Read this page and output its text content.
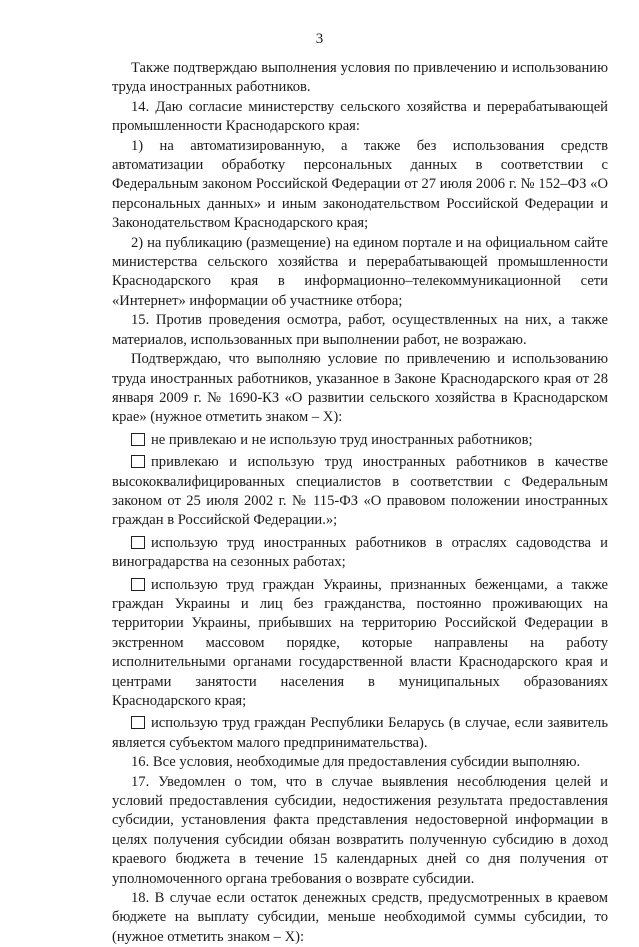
3

Также подтверждаю выполнения условия по привлечению и использованию труда иностранных работников.

14. Даю согласие министерству сельского хозяйства и перерабатывающей промышленности Краснодарского края:

1) на автоматизированную, а также без использования средств автоматизации обработку персональных данных в соответствии с Федеральным законом Российской Федерации от 27 июля 2006 г. № 152–ФЗ «О персональных данных» и иным законодательством Российской Федерации и Законодательством Краснодарского края;

2) на публикацию (размещение) на едином портале и на официальном сайте министерства сельского хозяйства и перерабатывающей промышленности Краснодарского края в информационно–телекоммуникационной сети «Интернет» информации об участнике отбора;

15. Против проведения осмотра, работ, осуществленных на них, а также материалов, использованных при выполнении работ, не возражаю.

Подтверждаю, что выполняю условие по привлечению и использованию труда иностранных работников, указанное в Законе Краснодарского края от 28 января 2009 г. № 1690-КЗ «О развитии сельского хозяйства в Краснодарском крае» (нужное отметить знаком – Х):

не привлекаю и не использую труд иностранных работников;

привлекаю и использую труд иностранных работников в качестве высококвалифицированных специалистов в соответствии с Федеральным законом от 25 июля 2002 г. № 115-ФЗ «О правовом положении иностранных граждан в Российской Федерации.»;

использую труд иностранных работников в отраслях садоводства и виноградарства на сезонных работах;

использую труд граждан Украины, признанных беженцами, а также граждан Украины и лиц без гражданства, постоянно проживающих на территории Украины, прибывших на территорию Российской Федерации в экстренном массовом порядке, которые направлены на работу исполнительными органами государственной власти Краснодарского края и центрами занятости населения в муниципальных образованиях Краснодарского края;

использую труд граждан Республики Беларусь (в случае, если заявитель является субъектом малого предпринимательства).

16. Все условия, необходимые для предоставления субсидии выполняю.

17. Уведомлен о том, что в случае выявления несоблюдения целей и условий предоставления субсидии, недостижения результата предоставления субсидии, установления факта представления недостоверной информации в целях получения субсидии обязан возвратить полученную субсидию в доход краевого бюджета в течение 15 календарных дней со дня получения от уполномоченного органа требования о возврате субсидии.

18. В случае если остаток денежных средств, предусмотренных в краевом бюджете на выплату субсидии, меньше необходимой суммы субсидии, то (нужное отметить знаком – Х):
